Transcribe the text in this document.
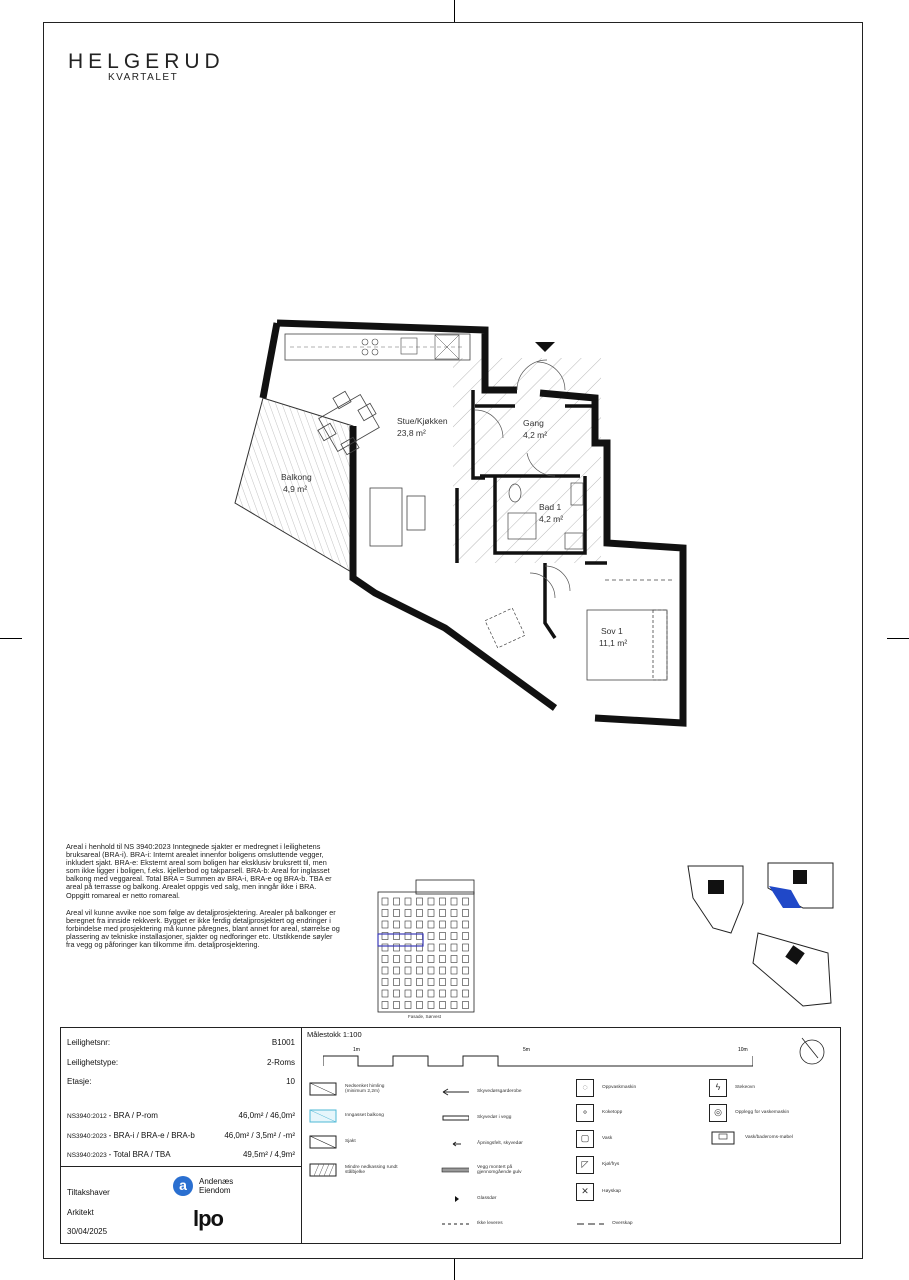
HELGERUD
KVARTALET
Stue/Kjøkken
23,8 m²
Gang
4,2 m²
Bad 1
4,2 m²
Balkong
4,9 m²
Sov 1
11,1 m²

Areal i henhold til NS 3940:2023 Inntegnede sjakter er medregnet i leilighetens bruksareal (BRA-i). BRA-i: Internt arealet innenfor boligens omsluttende vegger, inkludert sjakt. BRA-e: Eksternt areal som boligen har eksklusiv bruksrett til, men som ikke ligger i boligen, f.eks. kjellerbod og takparsell. BRA-b: Areal for inglasset balkong med veggareal. Total BRA = Summen av BRA-i, BRA-e og BRA-b. TBA er areal på terrasse og balkong. Arealet oppgis ved salg, men inngår ikke i BRA. Oppgitt romareal er netto romareal.

Areal vil kunne avvike noe som følge av detaljprosjektering. Arealer på balkonger er beregnet fra innside rekkverk. Bygget er ikke ferdig detaljprosjektert og endringer i forbindelse med prosjektering må kunne påregnes, blant annet for areal, størrelse og plassering av tekniske installasjoner, sjakter og nedforinger etc. Utstikkende søyler fra vegg og påforinger kan tilkomme ifm. detaljprosjektering.

Fasade, Sørvest
Leilighetsnr:	B1001
Leilighetstype:	2-Roms
Etasje:	10
NS3940:2012 - BRA / P-rom	46,0m² / 46,0m²
NS3940:2023 - BRA-i / BRA-e / BRA-b	46,0m² / 3,5m² / -m²
NS3940:2023 - Total BRA / TBA	49,5m² / 4,9m²
Tiltakshaver
Arkitekt
30/04/2025
a	Andenæs
Eiendom
lpo
Målestokk 1:100
1m	5m	10m
Nedsenket himling (minimum 2,2m)
Inngasset balkong
Sjakt
Mindre nedkassing rundt stålbjelke
Skyvedørsgarderobe
Skyvedør i vegg
Åpningsfelt, skyvedør
Vegg montert på gjennomgående gulv
Glassdør
Ikke leveres
◌	Oppvaskmaskin
⚬	Koketopp
▢	Vask
◸	Kjøl/frys
✕	Høyskap
Overskap
ϟ	Stekeovn
◎	Opplegg for vaskemaskin
Vask/baderoms-møbel
